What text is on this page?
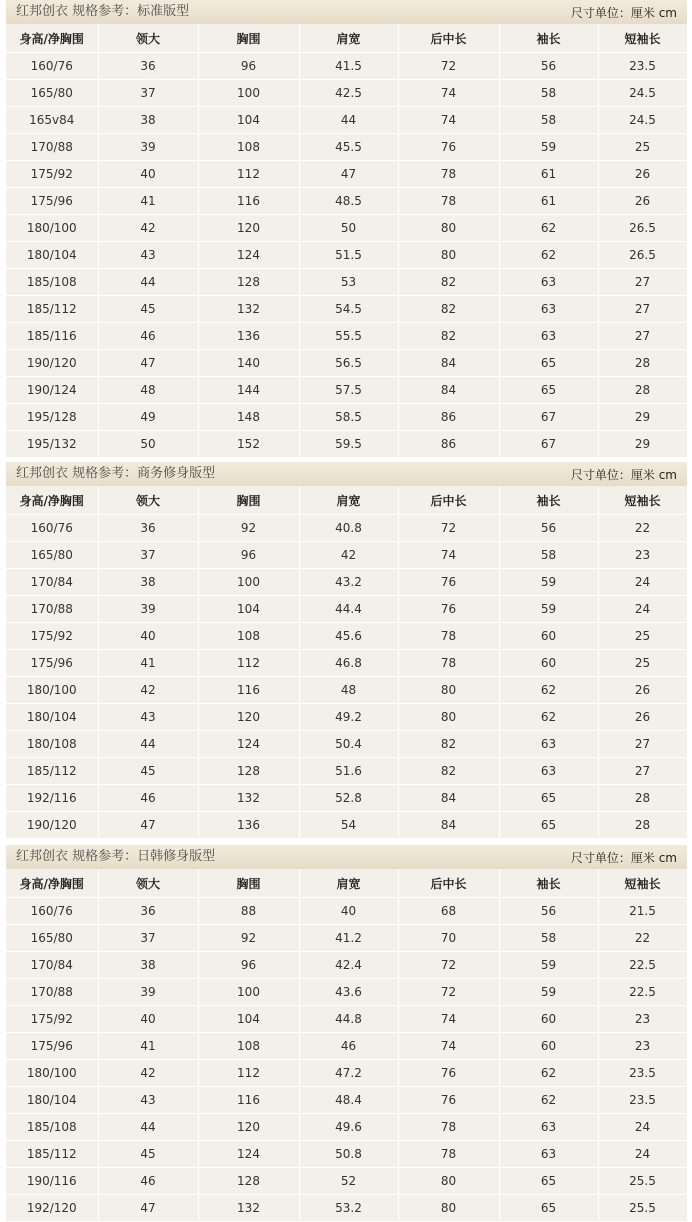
红邦创衣 规格参考：标准版型	尺寸单位：厘米 cm
身高/净胸围	领大	胸围	肩宽	后中长	袖长	短袖长
160/76	36	96	41.5	72	56	23.5
165/80	37	100	42.5	74	58	24.5
165v84	38	104	44	74	58	24.5
170/88	39	108	45.5	76	59	25
175/92	40	112	47	78	61	26
175/96	41	116	48.5	78	61	26
180/100	42	120	50	80	62	26.5
180/104	43	124	51.5	80	62	26.5
185/108	44	128	53	82	63	27
185/112	45	132	54.5	82	63	27
185/116	46	136	55.5	82	63	27
190/120	47	140	56.5	84	65	28
190/124	48	144	57.5	84	65	28
195/128	49	148	58.5	86	67	29
195/132	50	152	59.5	86	67	29
红邦创衣 规格参考：商务修身版型	尺寸单位：厘米 cm
身高/净胸围	领大	胸围	肩宽	后中长	袖长	短袖长
160/76	36	92	40.8	72	56	22
165/80	37	96	42	74	58	23
170/84	38	100	43.2	76	59	24
170/88	39	104	44.4	76	59	24
175/92	40	108	45.6	78	60	25
175/96	41	112	46.8	78	60	25
180/100	42	116	48	80	62	26
180/104	43	120	49.2	80	62	26
180/108	44	124	50.4	82	63	27
185/112	45	128	51.6	82	63	27
192/116	46	132	52.8	84	65	28
190/120	47	136	54	84	65	28
红邦创衣 规格参考：日韩修身版型	尺寸单位：厘米 cm
身高/净胸围	领大	胸围	肩宽	后中长	袖长	短袖长
160/76	36	88	40	68	56	21.5
165/80	37	92	41.2	70	58	22
170/84	38	96	42.4	72	59	22.5
170/88	39	100	43.6	72	59	22.5
175/92	40	104	44.8	74	60	23
175/96	41	108	46	74	60	23
180/100	42	112	47.2	76	62	23.5
180/104	43	116	48.4	76	62	23.5
185/108	44	120	49.6	78	63	24
185/112	45	124	50.8	78	63	24
190/116	46	128	52	80	65	25.5
192/120	47	132	53.2	80	65	25.5
